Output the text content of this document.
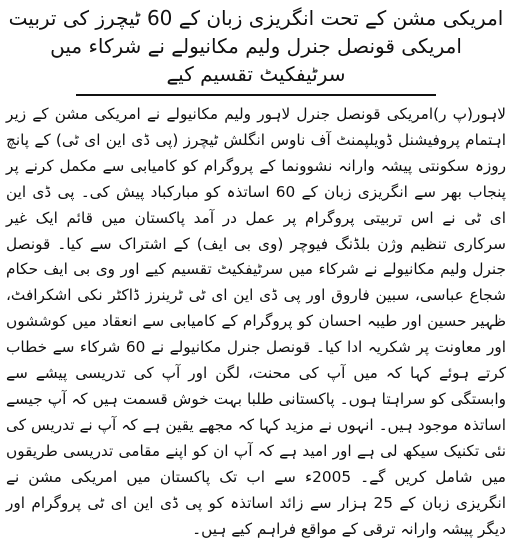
امریکی مشن کے تحت انگریزی زبان کے 60 ٹیچرز کی تربیت
امریکی قونصل جنرل ولیم مکانیولے نے شرکاء میں سرٹیفکیٹ تقسیم کیے

لاہور(پ ر)امریکی قونصل جنرل لاہور ولیم مکانیولے نے امریکی مشن کے زیر اہتمام پروفیشنل ڈویلپمنٹ آف ناوس انگلش ٹیچرز (پی ڈی این ای ٹی) کے پانچ روزہ سکونتی پیشہ وارانہ نشوونما کے پروگرام کو کامیابی سے مکمل کرنے پر پنجاب بھر سے انگریزی زبان کے 60 اساتذہ کو مبارکباد پیش کی۔ پی ڈی این ای ٹی نے اس تربیتی پروگرام پر عمل در آمد پاکستان میں قائم ایک غیر سرکاری تنظیم وژن بلڈنگ فیوچر (وی بی ایف) کے اشتراک سے کیا۔ قونصل جنرل ولیم مکانیولے نے شرکاء میں سرٹیفکیٹ تقسیم کیے اور وی بی ایف حکام شجاع عباسی، سبین فاروق اور پی ڈی این ای ٹی ٹرینرز ڈاکٹر نکی اشکرافٹ، ظہیر حسین اور طیبہ احسان کو پروگرام کے کامیابی سے انعقاد میں کوششوں اور معاونت پر شکریہ ادا کیا۔ قونصل جنرل مکانیولے نے 60 شرکاء سے خطاب کرتے ہوئے کہا کہ میں آپ کی محنت، لگن اور آپ کی تدریسی پیشے سے وابستگی کو سراہتا ہوں۔ پاکستانی طلبا بہت خوش قسمت ہیں کہ آپ جیسے اساتذہ موجود ہیں۔ انہوں نے مزید کہا کہ مجھے یقین ہے کہ آپ نے تدریس کی نئی تکنیک سیکھ لی ہے اور امید ہے کہ آپ ان کو اپنے مقامی تدریسی طریقوں میں شامل کریں گے۔ 2005ء سے اب تک پاکستان میں امریکی مشن نے انگریزی زبان کے 25 ہزار سے زائد اساتذہ کو پی ڈی این ای ٹی پروگرام اور دیگر پیشہ وارانہ ترقی کے مواقع فراہم کیے ہیں۔
